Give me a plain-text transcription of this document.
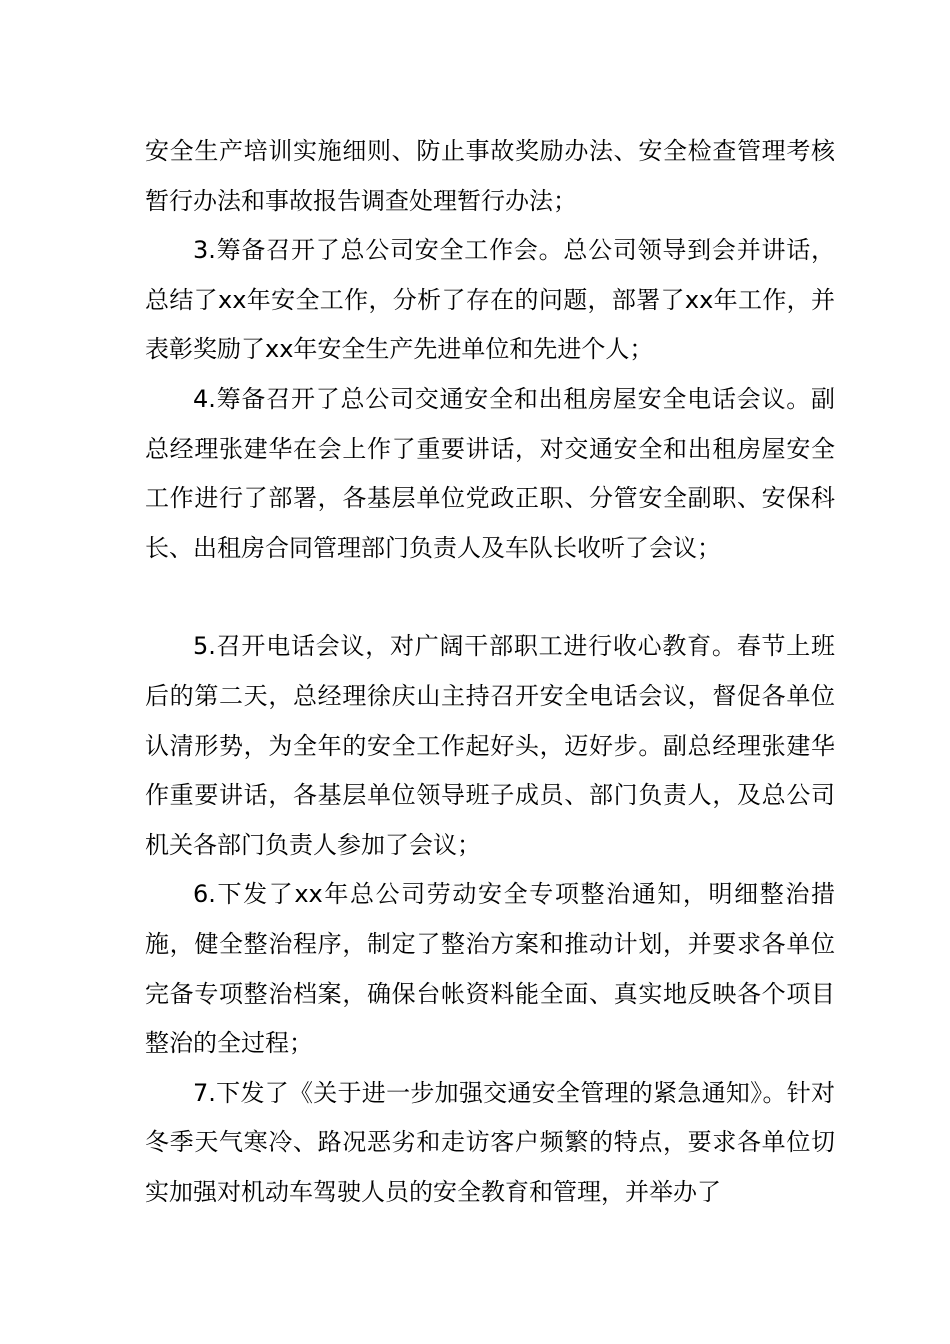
安全生产培训实施细则、防止事故奖励办法、安全检查管理考核暂行办法和事故报告调查处理暂行办法；

3.筹备召开了总公司安全工作会。总公司领导到会并讲话，总结了xx年安全工作，分析了存在的问题，部署了xx年工作，并表彰奖励了xx年安全生产先进单位和先进个人；

4.筹备召开了总公司交通安全和出租房屋安全电话会议。副总经理张建华在会上作了重要讲话，对交通安全和出租房屋安全工作进行了部署，各基层单位党政正职、分管安全副职、安保科长、出租房合同管理部门负责人及车队长收听了会议；

5.召开电话会议，对广阔干部职工进行收心教育。春节上班后的第二天，总经理徐庆山主持召开安全电话会议，督促各单位认清形势，为全年的安全工作起好头，迈好步。副总经理张建华作重要讲话，各基层单位领导班子成员、部门负责人，及总公司机关各部门负责人参加了会议；

6.下发了xx年总公司劳动安全专项整治通知，明细整治措施，健全整治程序，制定了整治方案和推动计划，并要求各单位完备专项整治档案，确保台帐资料能全面、真实地反映各个项目整治的全过程；

7.下发了《关于进一步加强交通安全管理的紧急通知》。针对冬季天气寒冷、路况恶劣和走访客户频繁的特点，要求各单位切实加强对机动车驾驶人员的安全教育和管理，并举办了
